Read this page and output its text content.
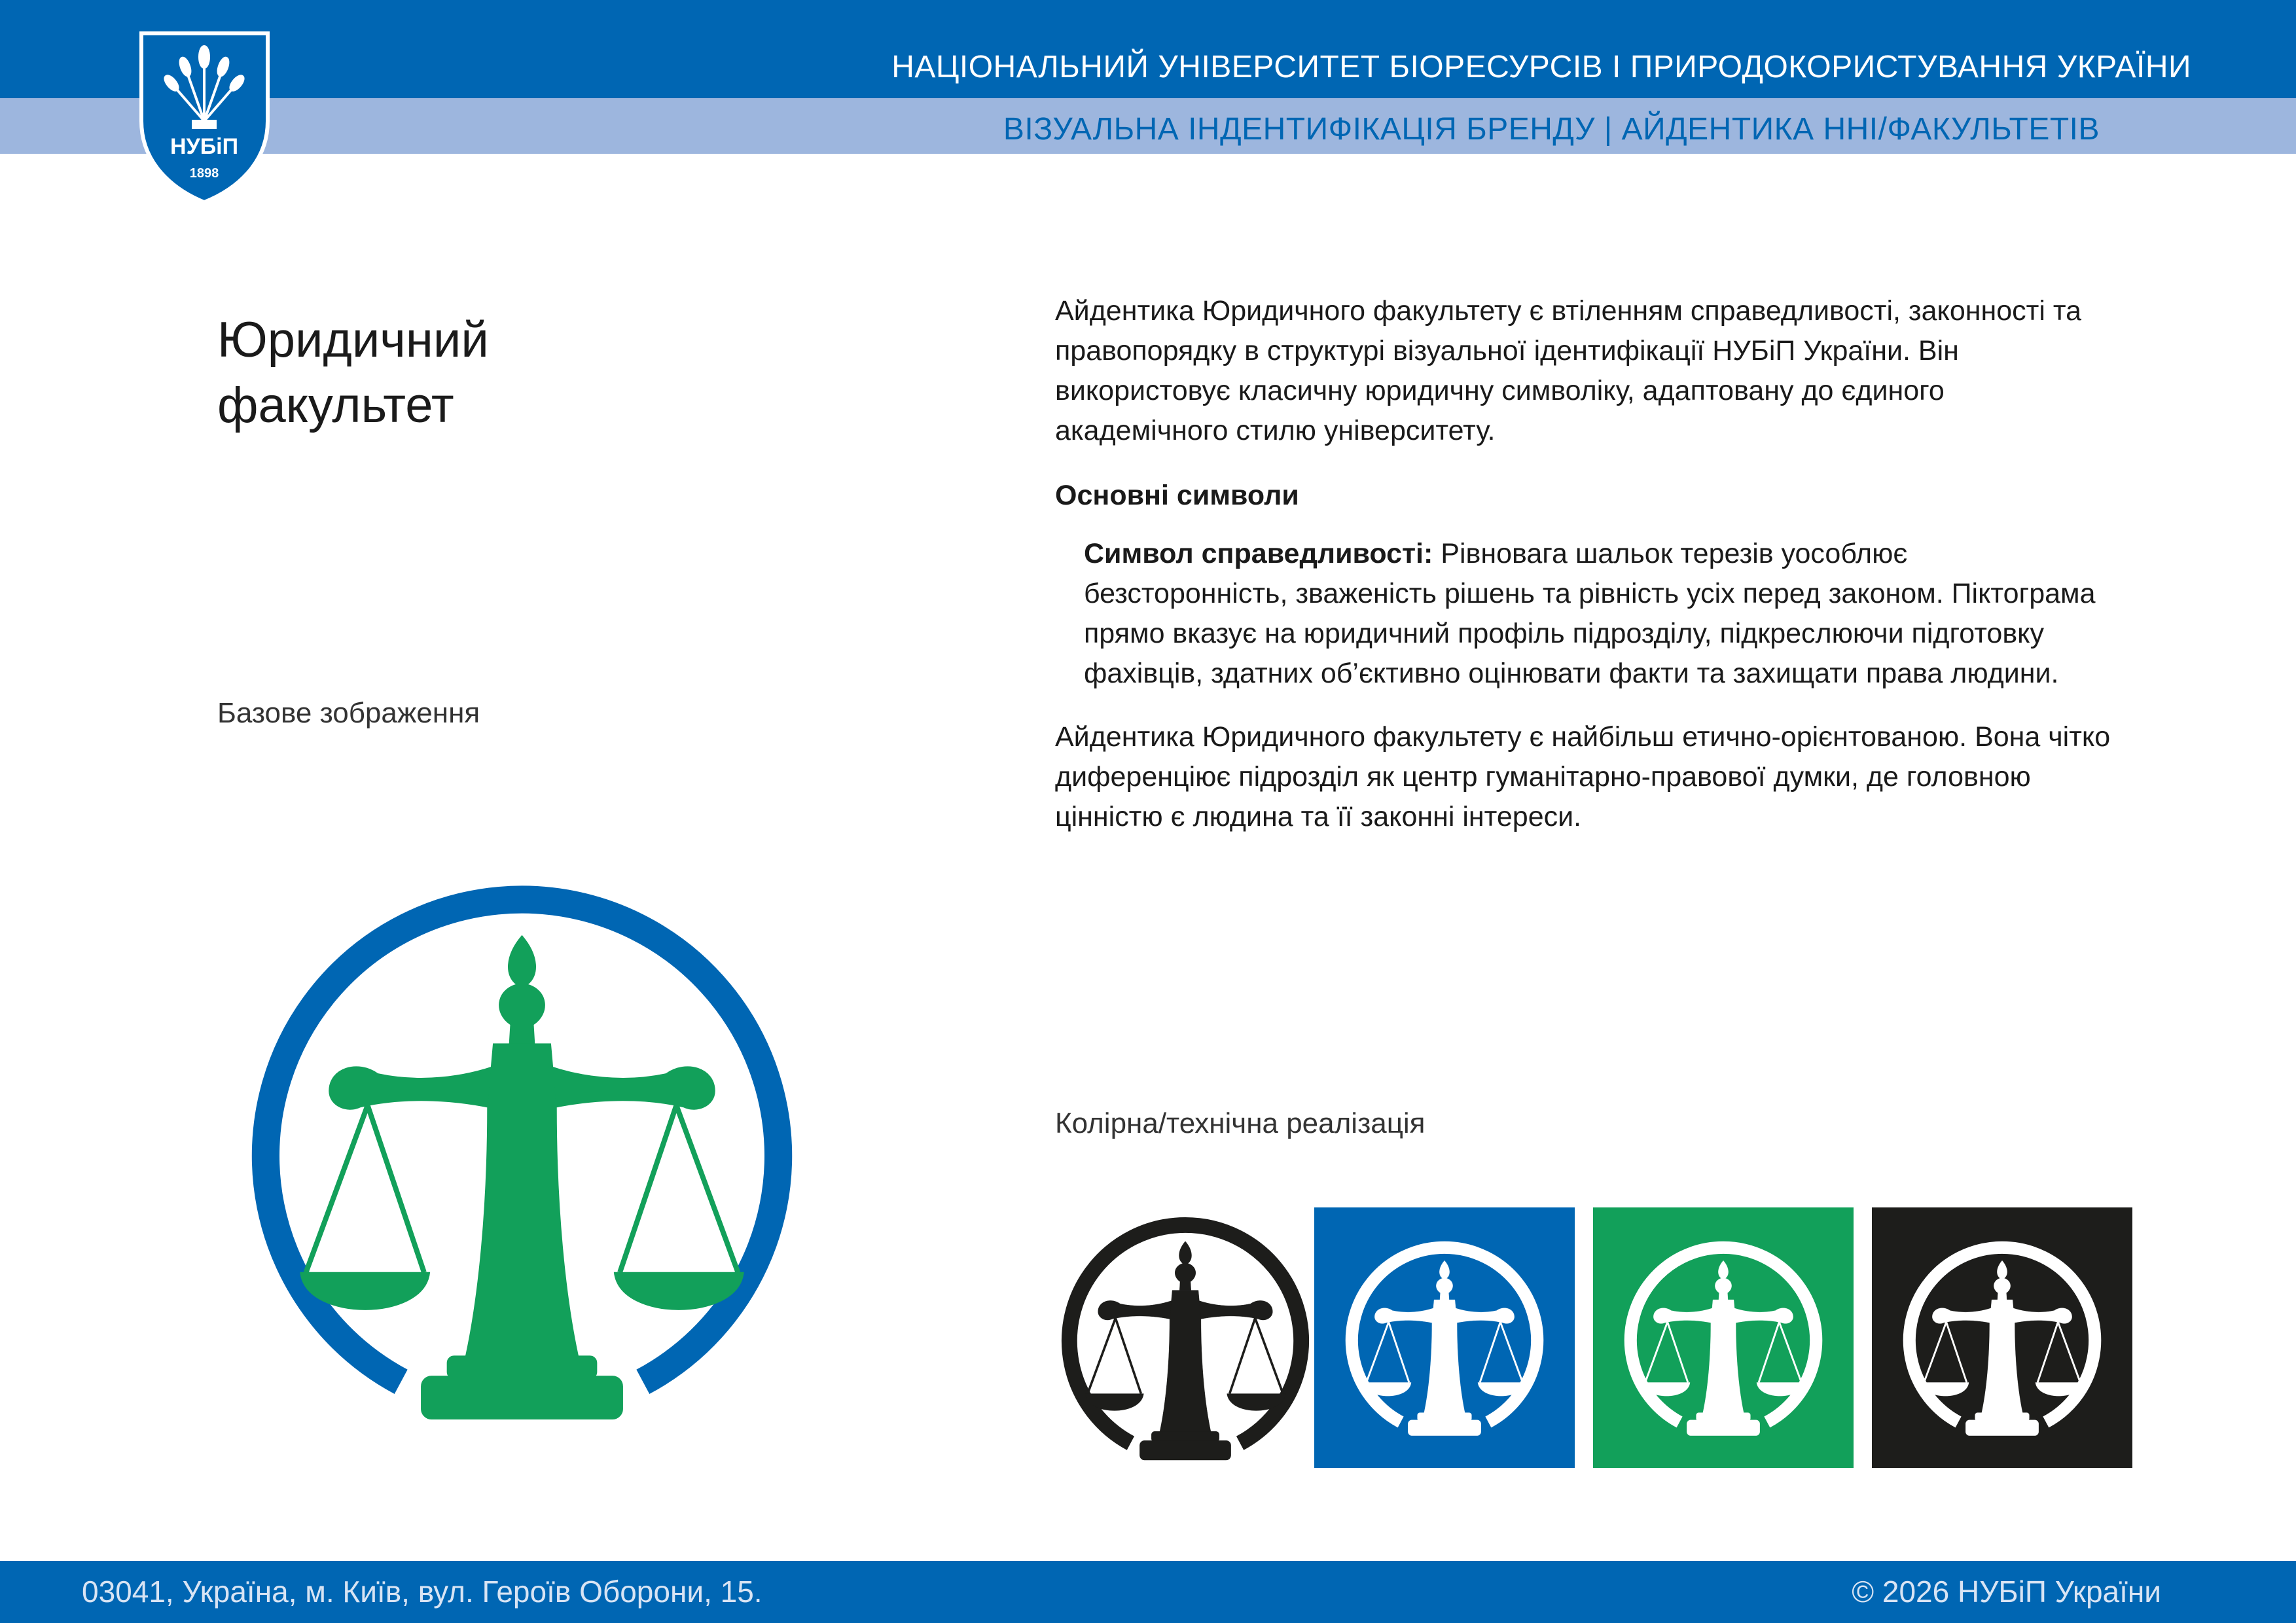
НУБіП
1898
НАЦІОНАЛЬНИЙ УНІВЕРСИТЕТ БІОРЕСУРСІВ І ПРИРОДОКОРИСТУВАННЯ УКРАЇНИ
ВІЗУАЛЬНА ІНДЕНТИФІКАЦІЯ БРЕНДУ | АЙДЕНТИКА ННІ/ФАКУЛЬТЕТІВ
Юридичний факультет
Базове зображення

Айдентика Юридичного факультету є втіленням справедливості, законності та правопорядку в структурі візуальної ідентифікації НУБіП України. Він використовує класичну юридичну символіку, адаптовану до єдиного академічного стилю університету.

Основні символи

Символ справедливості: Рівновага шальок терезів уособлює безсторонність, зваженість рішень та рівність усіх перед законом. Піктограма прямо вказує на юридичний профіль підрозділу, підкреслюючи підготовку фахівців, здатних об’єктивно оцінювати факти та захищати права людини.

Айдентика Юридичного факультету є найбільш етично-орієнтованою. Вона чітко диференціює підрозділ як центр гуманітарно-правової думки, де головною цінністю є людина та її законні інтереси.

Колірна/технічна реалізація
03041, Україна, м. Київ, вул. Героїв Оборони, 15.	© 2026 НУБіП України
